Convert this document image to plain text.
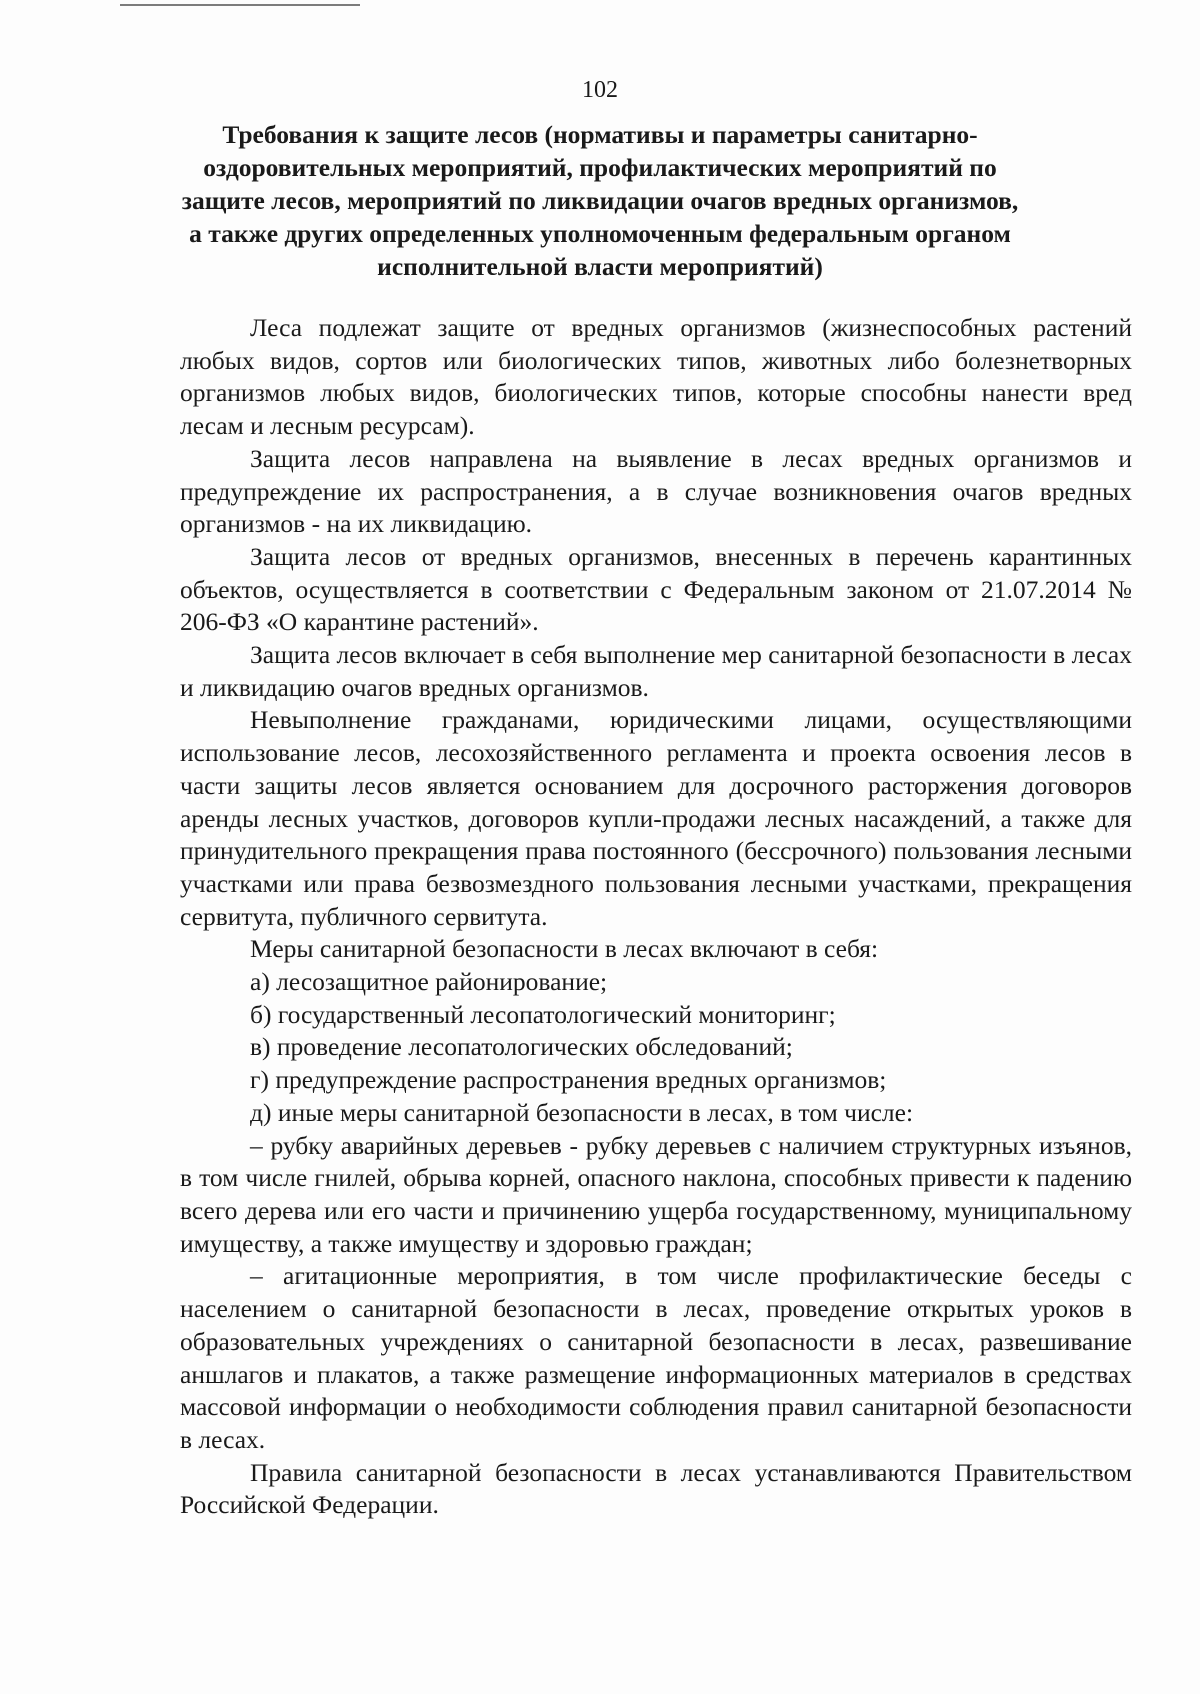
102
Требования к защите лесов (нормативы и параметры санитарно-оздоровительных мероприятий, профилактических мероприятий по защите лесов, мероприятий по ликвидации очагов вредных организмов, а также других определенных уполномоченным федеральным органом исполнительной власти мероприятий)

Леса подлежат защите от вредных организмов (жизнеспособных растений любых видов, сортов или биологических типов, животных либо болезнетворных организмов любых видов, биологических типов, которые способны нанести вред лесам и лесным ресурсам).

Защита лесов направлена на выявление в лесах вредных организмов и предупреждение их распространения, а в случае возникновения очагов вредных организмов - на их ликвидацию.

Защита лесов от вредных организмов, внесенных в перечень карантинных объектов, осуществляется в соответствии с Федеральным законом от 21.07.2014 № 206-ФЗ «О карантине растений».

Защита лесов включает в себя выполнение мер санитарной безопасности в лесах и ликвидацию очагов вредных организмов.

Невыполнение гражданами, юридическими лицами, осуществляющими использование лесов, лесохозяйственного регламента и проекта освоения лесов в части защиты лесов является основанием для досрочного расторжения договоров аренды лесных участков, договоров купли-продажи лесных насаждений, а также для принудительного прекращения права постоянного (бессрочного) пользования лесными участками или права безвозмездного пользования лесными участками, прекращения сервитута, публичного сервитута.

Меры санитарной безопасности в лесах включают в себя:

а) лесозащитное районирование;

б) государственный лесопатологический мониторинг;

в) проведение лесопатологических обследований;

г) предупреждение распространения вредных организмов;

д) иные меры санитарной безопасности в лесах, в том числе:

– рубку аварийных деревьев - рубку деревьев с наличием структурных изъянов, в том числе гнилей, обрыва корней, опасного наклона, способных привести к падению всего дерева или его части и причинению ущерба государственному, муниципальному имуществу, а также имуществу и здоровью граждан;

– агитационные мероприятия, в том числе профилактические беседы с населением о санитарной безопасности в лесах, проведение открытых уроков в образовательных учреждениях о санитарной безопасности в лесах, развешивание аншлагов и плакатов, а также размещение информационных материалов в средствах массовой информации о необходимости соблюдения правил санитарной безопасности в лесах.

Правила санитарной безопасности в лесах устанавливаются Правительством Российской Федерации.
